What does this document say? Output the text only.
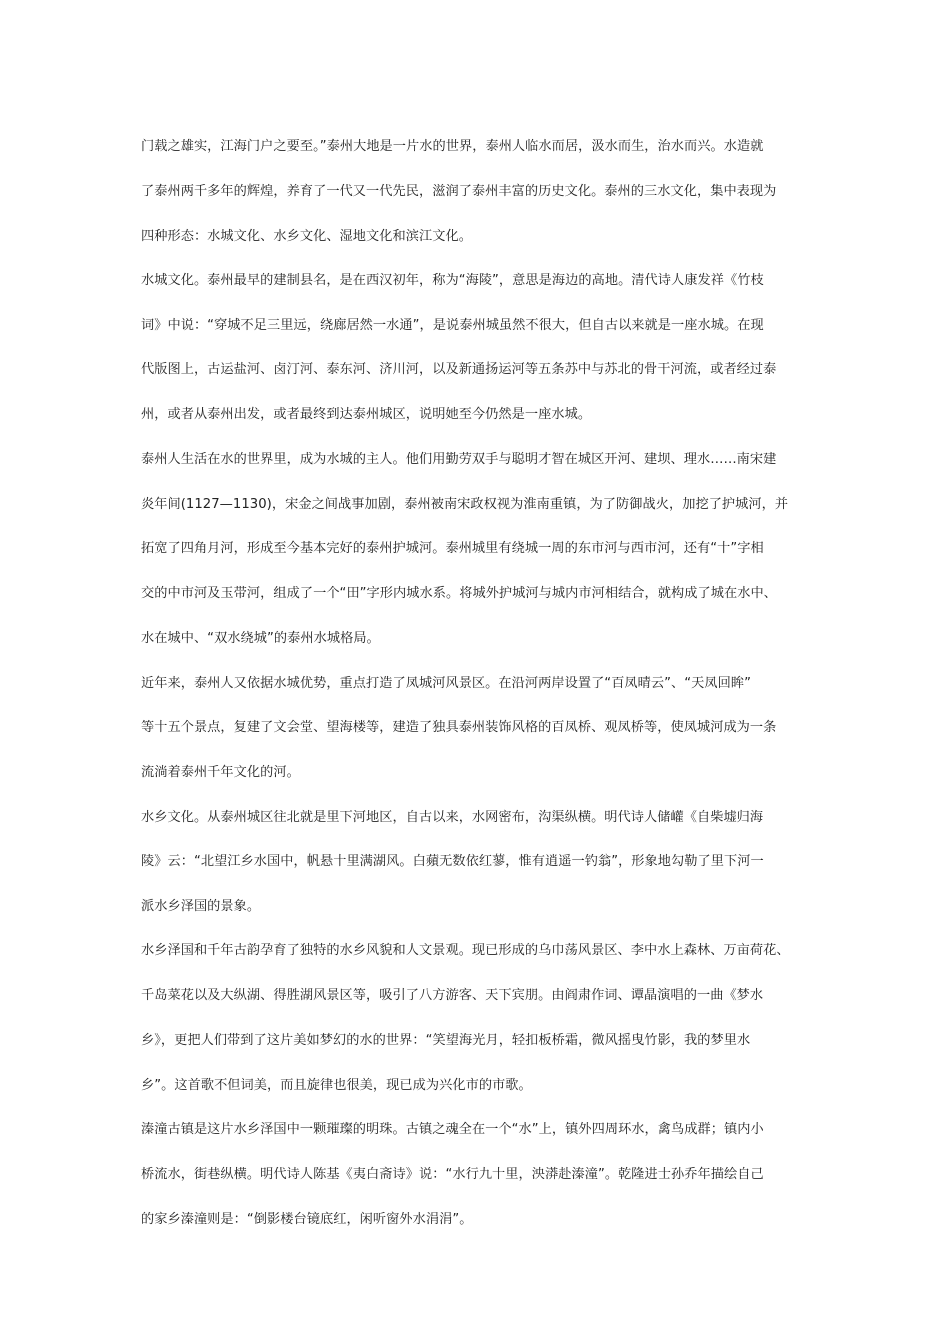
门载之雄实，江海门户之要至。”泰州大地是一片水的世界，泰州人临水而居，汲水而生，治水而兴。水造就
了泰州两千多年的辉煌，养育了一代又一代先民，滋润了泰州丰富的历史文化。泰州的三水文化，集中表现为
四种形态：水城文化、水乡文化、湿地文化和滨江文化。
水城文化。泰州最早的建制县名，是在西汉初年，称为“海陵”，意思是海边的高地。清代诗人康发祥《竹枝
词》中说：“穿城不足三里远，绕廊居然一水通”，是说泰州城虽然不很大，但自古以来就是一座水城。在现
代版图上，古运盐河、卤汀河、泰东河、济川河，以及新通扬运河等五条苏中与苏北的骨干河流，或者经过泰
州，或者从泰州出发，或者最终到达泰州城区，说明她至今仍然是一座水城。
泰州人生活在水的世界里，成为水城的主人。他们用勤劳双手与聪明才智在城区开河、建坝、理水……南宋建
炎年间(1127—1130)，宋金之间战事加剧，泰州被南宋政权视为淮南重镇，为了防御战火，加挖了护城河，并
拓宽了四角月河，形成至今基本完好的泰州护城河。泰州城里有绕城一周的东市河与西市河，还有“十”字相
交的中市河及玉带河，组成了一个“田”字形内城水系。将城外护城河与城内市河相结合，就构成了城在水中、
水在城中、“双水绕城”的泰州水城格局。
近年来，泰州人又依据水城优势，重点打造了凤城河风景区。在沿河两岸设置了“百凤晴云”、“天凤回眸”
等十五个景点，复建了文会堂、望海楼等，建造了独具泰州装饰风格的百凤桥、观凤桥等，使凤城河成为一条
流淌着泰州千年文化的河。
水乡文化。从泰州城区往北就是里下河地区，自古以来，水网密布，沟渠纵横。明代诗人储巏《自柴墟归海
陵》云：“北望江乡水国中，帆悬十里满湖风。白蘋无数依红蓼，惟有逍遥一钓翁”，形象地勾勒了里下河一
派水乡泽国的景象。
水乡泽国和千年古韵孕育了独特的水乡风貌和人文景观。现已形成的乌巾荡风景区、李中水上森林、万亩荷花、
千岛菜花以及大纵湖、得胜湖风景区等，吸引了八方游客、天下宾朋。由阎肃作词、谭晶演唱的一曲《梦水
乡》，更把人们带到了这片美如梦幻的水的世界：“笑望海光月，轻扣板桥霜，微风摇曳竹影，我的梦里水
乡”。这首歌不但词美，而且旋律也很美，现已成为兴化市的市歌。
溱潼古镇是这片水乡泽国中一颗璀璨的明珠。古镇之魂全在一个“水”上，镇外四周环水，禽鸟成群；镇内小
桥流水，街巷纵横。明代诗人陈基《夷白斋诗》说：“水行九十里，泱漭赴溱潼”。乾隆进士孙乔年描绘自己
的家乡溱潼则是：“倒影楼台镜底红，闲听窗外水涓涓”。
